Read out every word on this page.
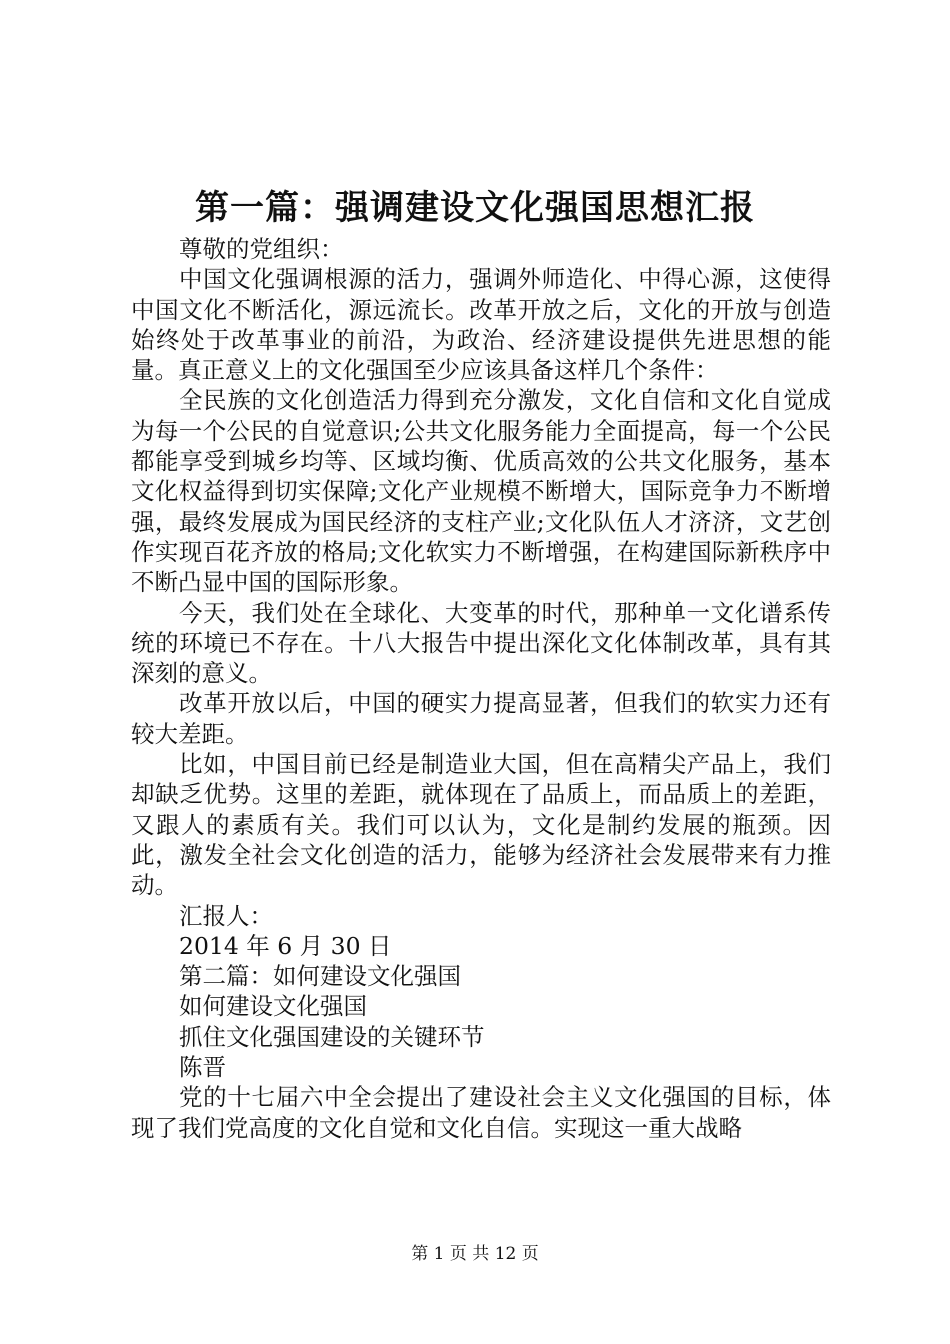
第一篇：强调建设文化强国思想汇报

尊敬的党组织：

中国文化强调根源的活力，强调外师造化、中得心源，这使得中国文化不断活化，源远流长。改革开放之后，文化的开放与创造始终处于改革事业的前沿，为政治、经济建设提供先进思想的能量。真正意义上的文化强国至少应该具备这样几个条件：

全民族的文化创造活力得到充分激发，文化自信和文化自觉成为每一个公民的自觉意识;公共文化服务能力全面提高，每一个公民都能享受到城乡均等、区域均衡、优质高效的公共文化服务，基本文化权益得到切实保障;文化产业规模不断增大，国际竞争力不断增强，最终发展成为国民经济的支柱产业;文化队伍人才济济，文艺创作实现百花齐放的格局;文化软实力不断增强，在构建国际新秩序中不断凸显中国的国际形象。

今天，我们处在全球化、大变革的时代，那种单一文化谱系传统的环境已不存在。十八大报告中提出深化文化体制改革，具有其深刻的意义。

改革开放以后，中国的硬实力提高显著，但我们的软实力还有较大差距。

比如，中国目前已经是制造业大国，但在高精尖产品上，我们却缺乏优势。这里的差距，就体现在了品质上，而品质上的差距，又跟人的素质有关。我们可以认为，文化是制约发展的瓶颈。因此，激发全社会文化创造的活力，能够为经济社会发展带来有力推动。

汇报人：

2014 年 6 月 30 日

第二篇：如何建设文化强国

如何建设文化强国

抓住文化强国建设的关键环节

陈晋

党的十七届六中全会提出了建设社会主义文化强国的目标，体现了我们党高度的文化自觉和文化自信。实现这一重大战略

第 1 页 共 12 页
